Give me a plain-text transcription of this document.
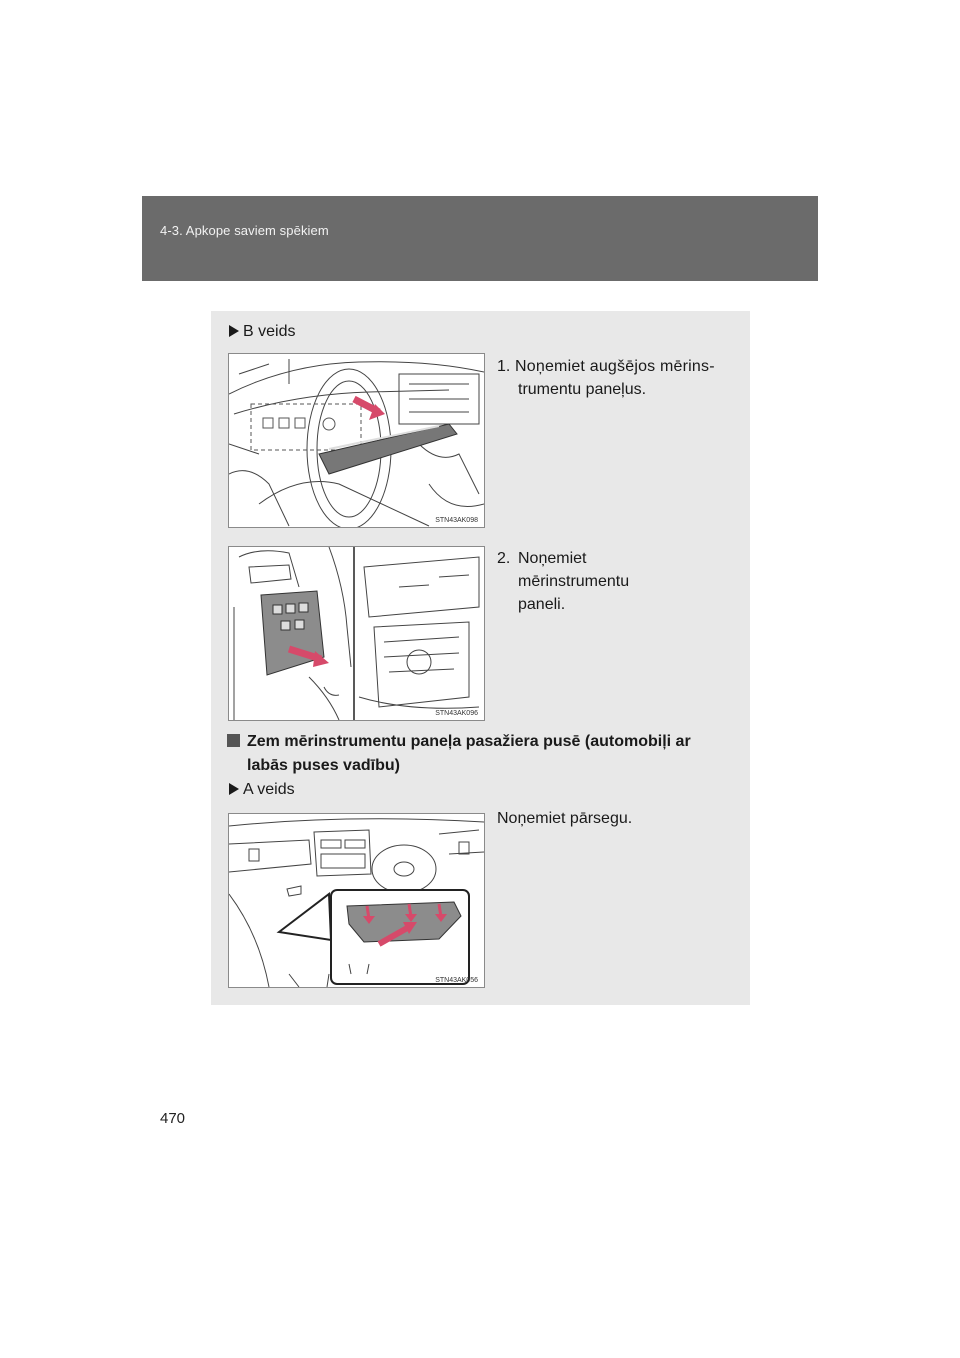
4-3. Apkope saviem spēkiem
B veids
STN43AK098
1. Noņemiet augšējos mērins-
trumentu paneļus.
STN43AK096
2. Noņemiet mērinstrumentu
paneli.
Zem mērinstrumentu paneļa pasažiera pusē (automobiļi ar
labās puses vadību)
A veids
Noņemiet pārsegu.
STN43AK056
470
